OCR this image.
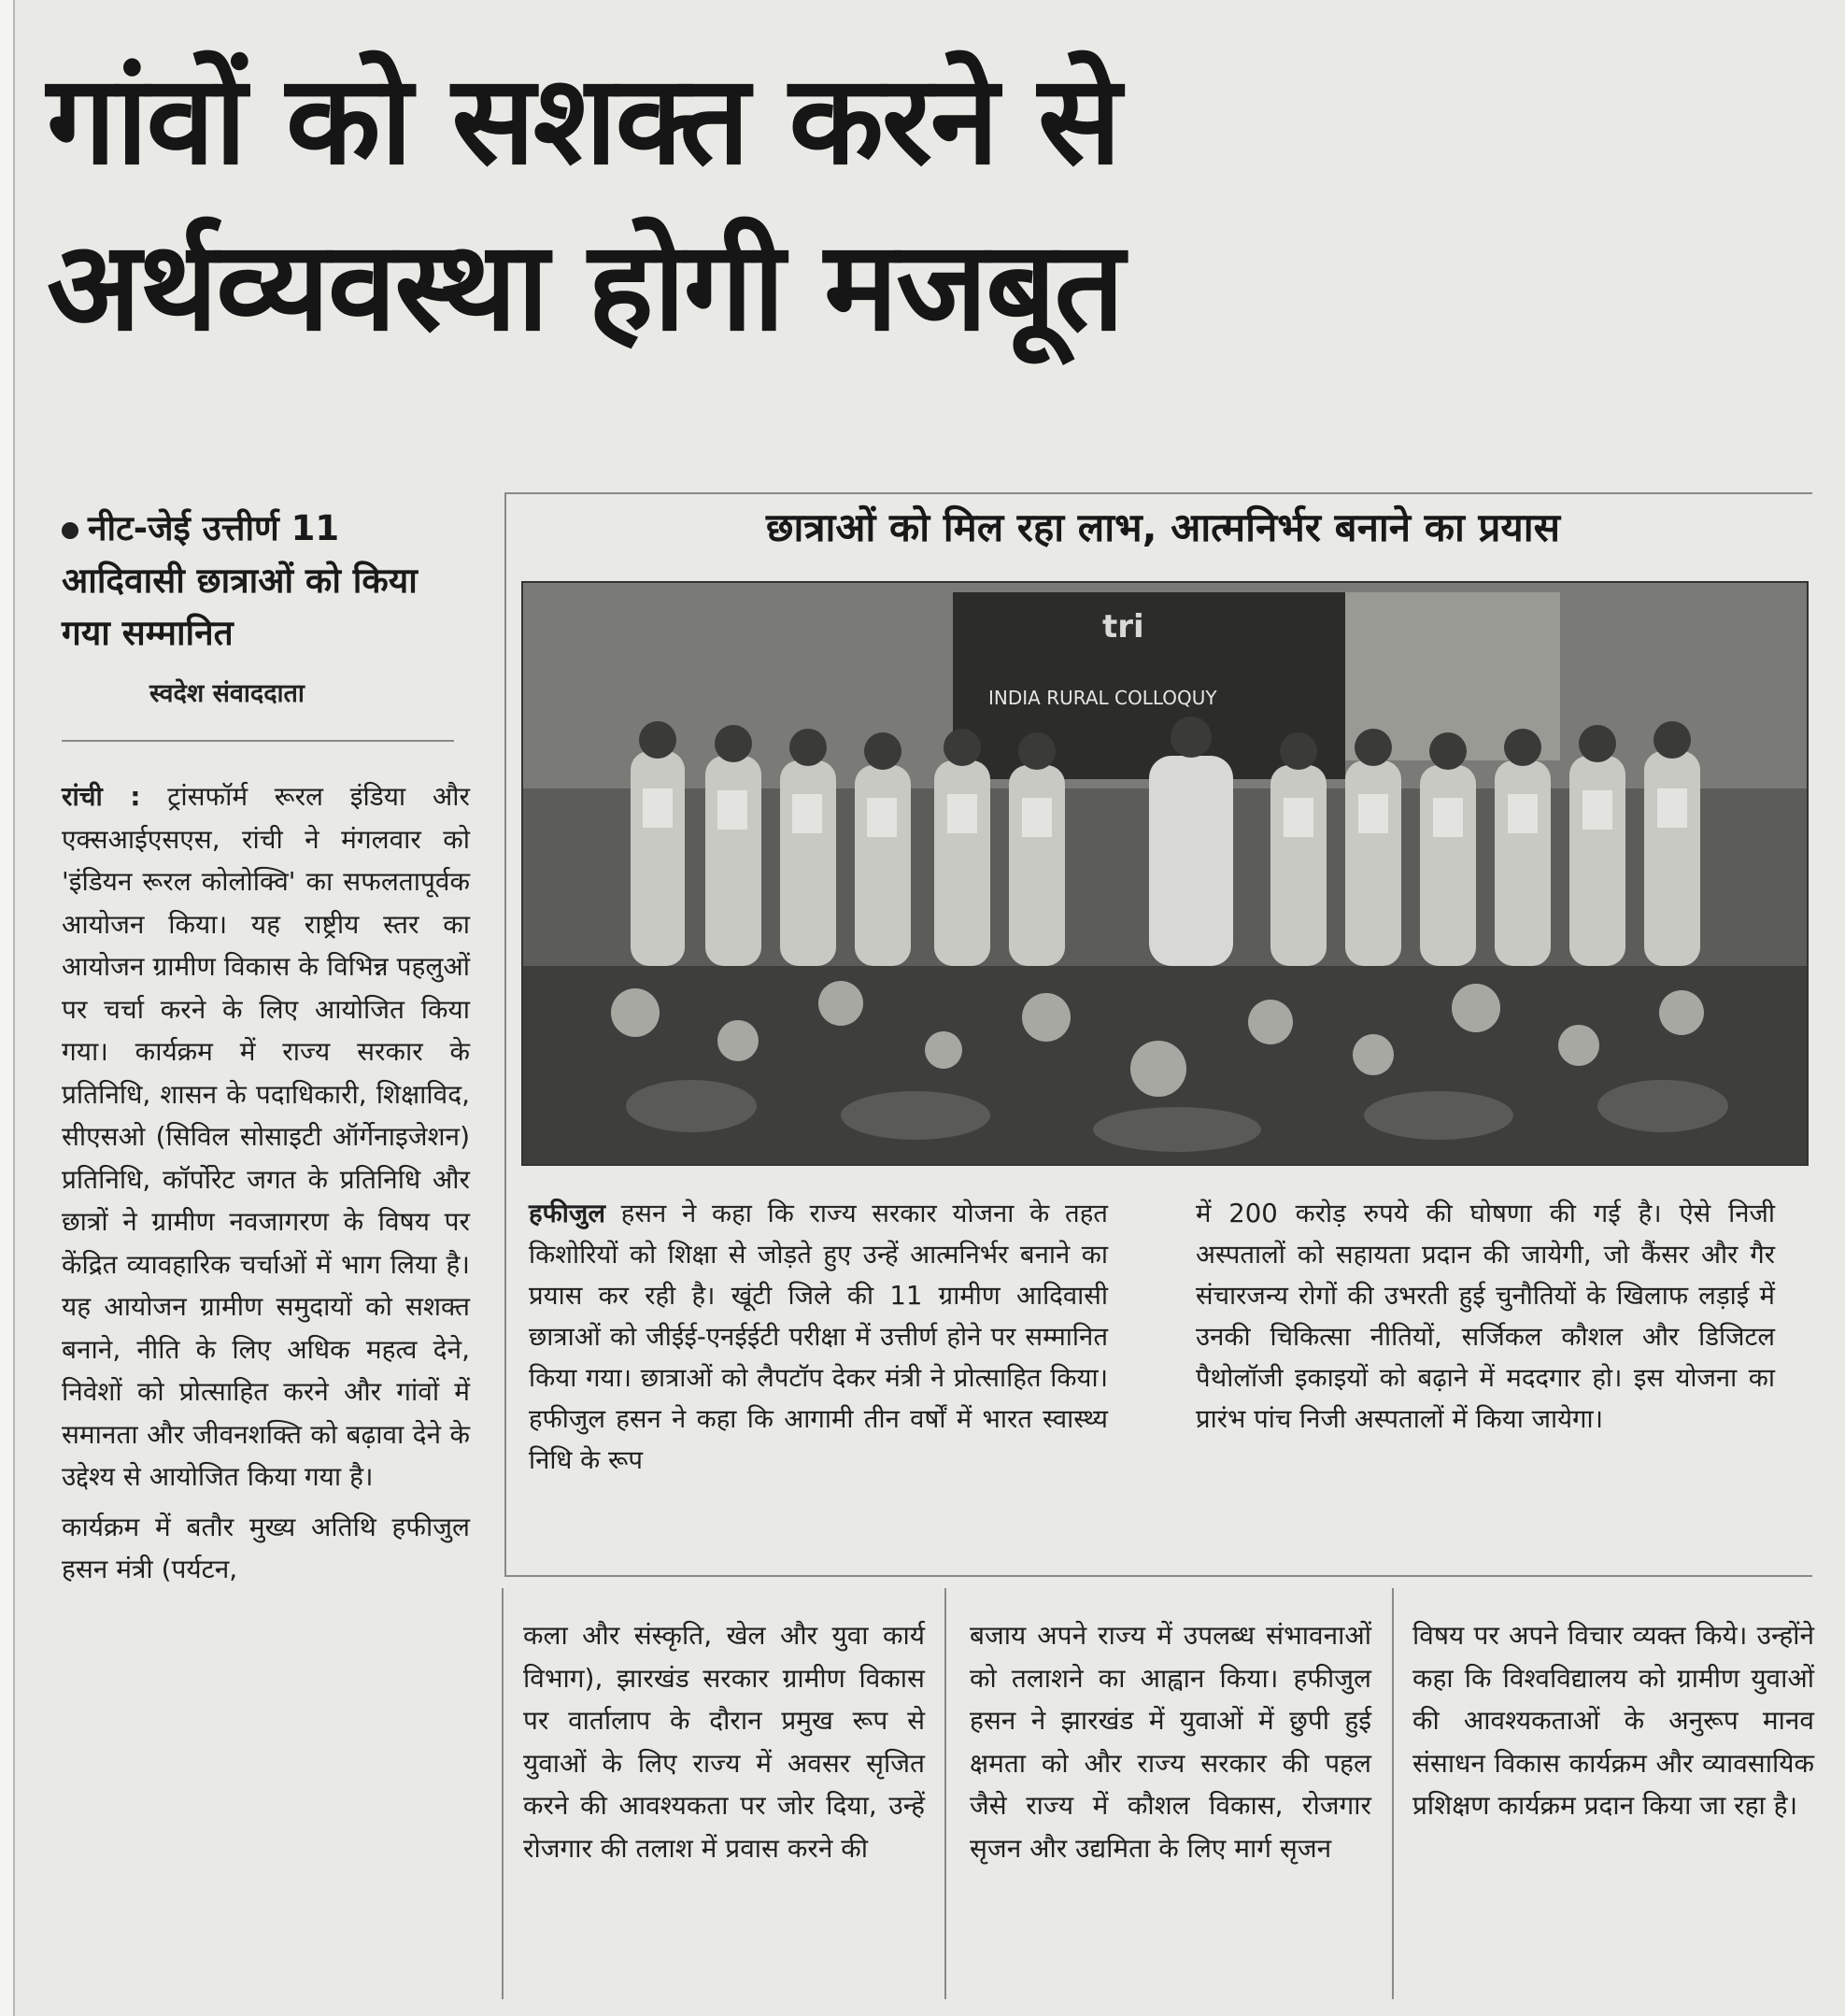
गांवों को सशक्त करने से
अर्थव्यवस्था होगी मजबूत
नीट-जेई उत्तीर्ण 11 आदिवासी छात्राओं को किया गया सम्मानित
स्वदेश संवाददाता
छात्राओं को मिल रहा लाभ, आत्मनिर्भर बनाने का प्रयास
tri
INDIA RURAL COLLOQUY

रांची : ट्रांसफॉर्म रूरल इंडिया और एक्सआईएसएस, रांची ने मंगलवार को 'इंडियन रूरल कोलोक्वि' का सफलतापूर्वक आयोजन किया। यह राष्ट्रीय स्तर का आयोजन ग्रामीण विकास के विभिन्न पहलुओं पर चर्चा करने के लिए आयोजित किया गया। कार्यक्रम में राज्य सरकार के प्रतिनिधि, शासन के पदाधिकारी, शिक्षाविद, सीएसओ (सिविल सोसाइटी ऑर्गेनाइजेशन) प्रतिनिधि, कॉर्पोरेट जगत के प्रतिनिधि और छात्रों ने ग्रामीण नवजागरण के विषय पर केंद्रित व्यावहारिक चर्चाओं में भाग लिया है। यह आयोजन ग्रामीण समुदायों को सशक्त बनाने, नीति के लिए अधिक महत्व देने, निवेशों को प्रोत्साहित करने और गांवों में समानता और जीवनशक्ति को बढ़ावा देने के उद्देश्य से आयोजित किया गया है।

कार्यक्रम में बतौर मुख्य अतिथि हफीजुल हसन मंत्री (पर्यटन,

हफीजुल हसन ने कहा कि राज्य सरकार योजना के तहत किशोरियों को शिक्षा से जोड़ते हुए उन्हें आत्मनिर्भर बनाने का प्रयास कर रही है। खूंटी जिले की 11 ग्रामीण आदिवासी छात्राओं को जीईई-एनईईटी परीक्षा में उत्तीर्ण होने पर सम्मानित किया गया। छात्राओं को लैपटॉप देकर मंत्री ने प्रोत्साहित किया। हफीजुल हसन ने कहा कि आगामी तीन वर्षों में भारत स्वास्थ्य निधि के रूप
में 200 करोड़ रुपये की घोषणा की गई है। ऐसे निजी अस्पतालों को सहायता प्रदान की जायेगी, जो कैंसर और गैर संचारजन्य रोगों की उभरती हुई चुनौतियों के खिलाफ लड़ाई में उनकी चिकित्सा नीतियों, सर्जिकल कौशल और डिजिटल पैथोलॉजी इकाइयों को बढ़ाने में मददगार हो। इस योजना का प्रारंभ पांच निजी अस्पतालों में किया जायेगा।
कला और संस्कृति, खेल और युवा कार्य विभाग), झारखंड सरकार ग्रामीण विकास पर वार्तालाप के दौरान प्रमुख रूप से युवाओं के लिए राज्य में अवसर सृजित करने की आवश्यकता पर जोर दिया, उन्हें रोजगार की तलाश में प्रवास करने की
बजाय अपने राज्य में उपलब्ध संभावनाओं को तलाशने का आह्वान किया। हफीजुल हसन ने झारखंड में युवाओं में छुपी हुई क्षमता को और राज्य सरकार की पहल जैसे राज्य में कौशल विकास, रोजगार सृजन और उद्यमिता के लिए मार्ग सृजन
विषय पर अपने विचार व्यक्त किये। उन्होंने कहा कि विश्वविद्यालय को ग्रामीण युवाओं की आवश्यकताओं के अनुरूप मानव संसाधन विकास कार्यक्रम और व्यावसायिक प्रशिक्षण कार्यक्रम प्रदान किया जा रहा है।
